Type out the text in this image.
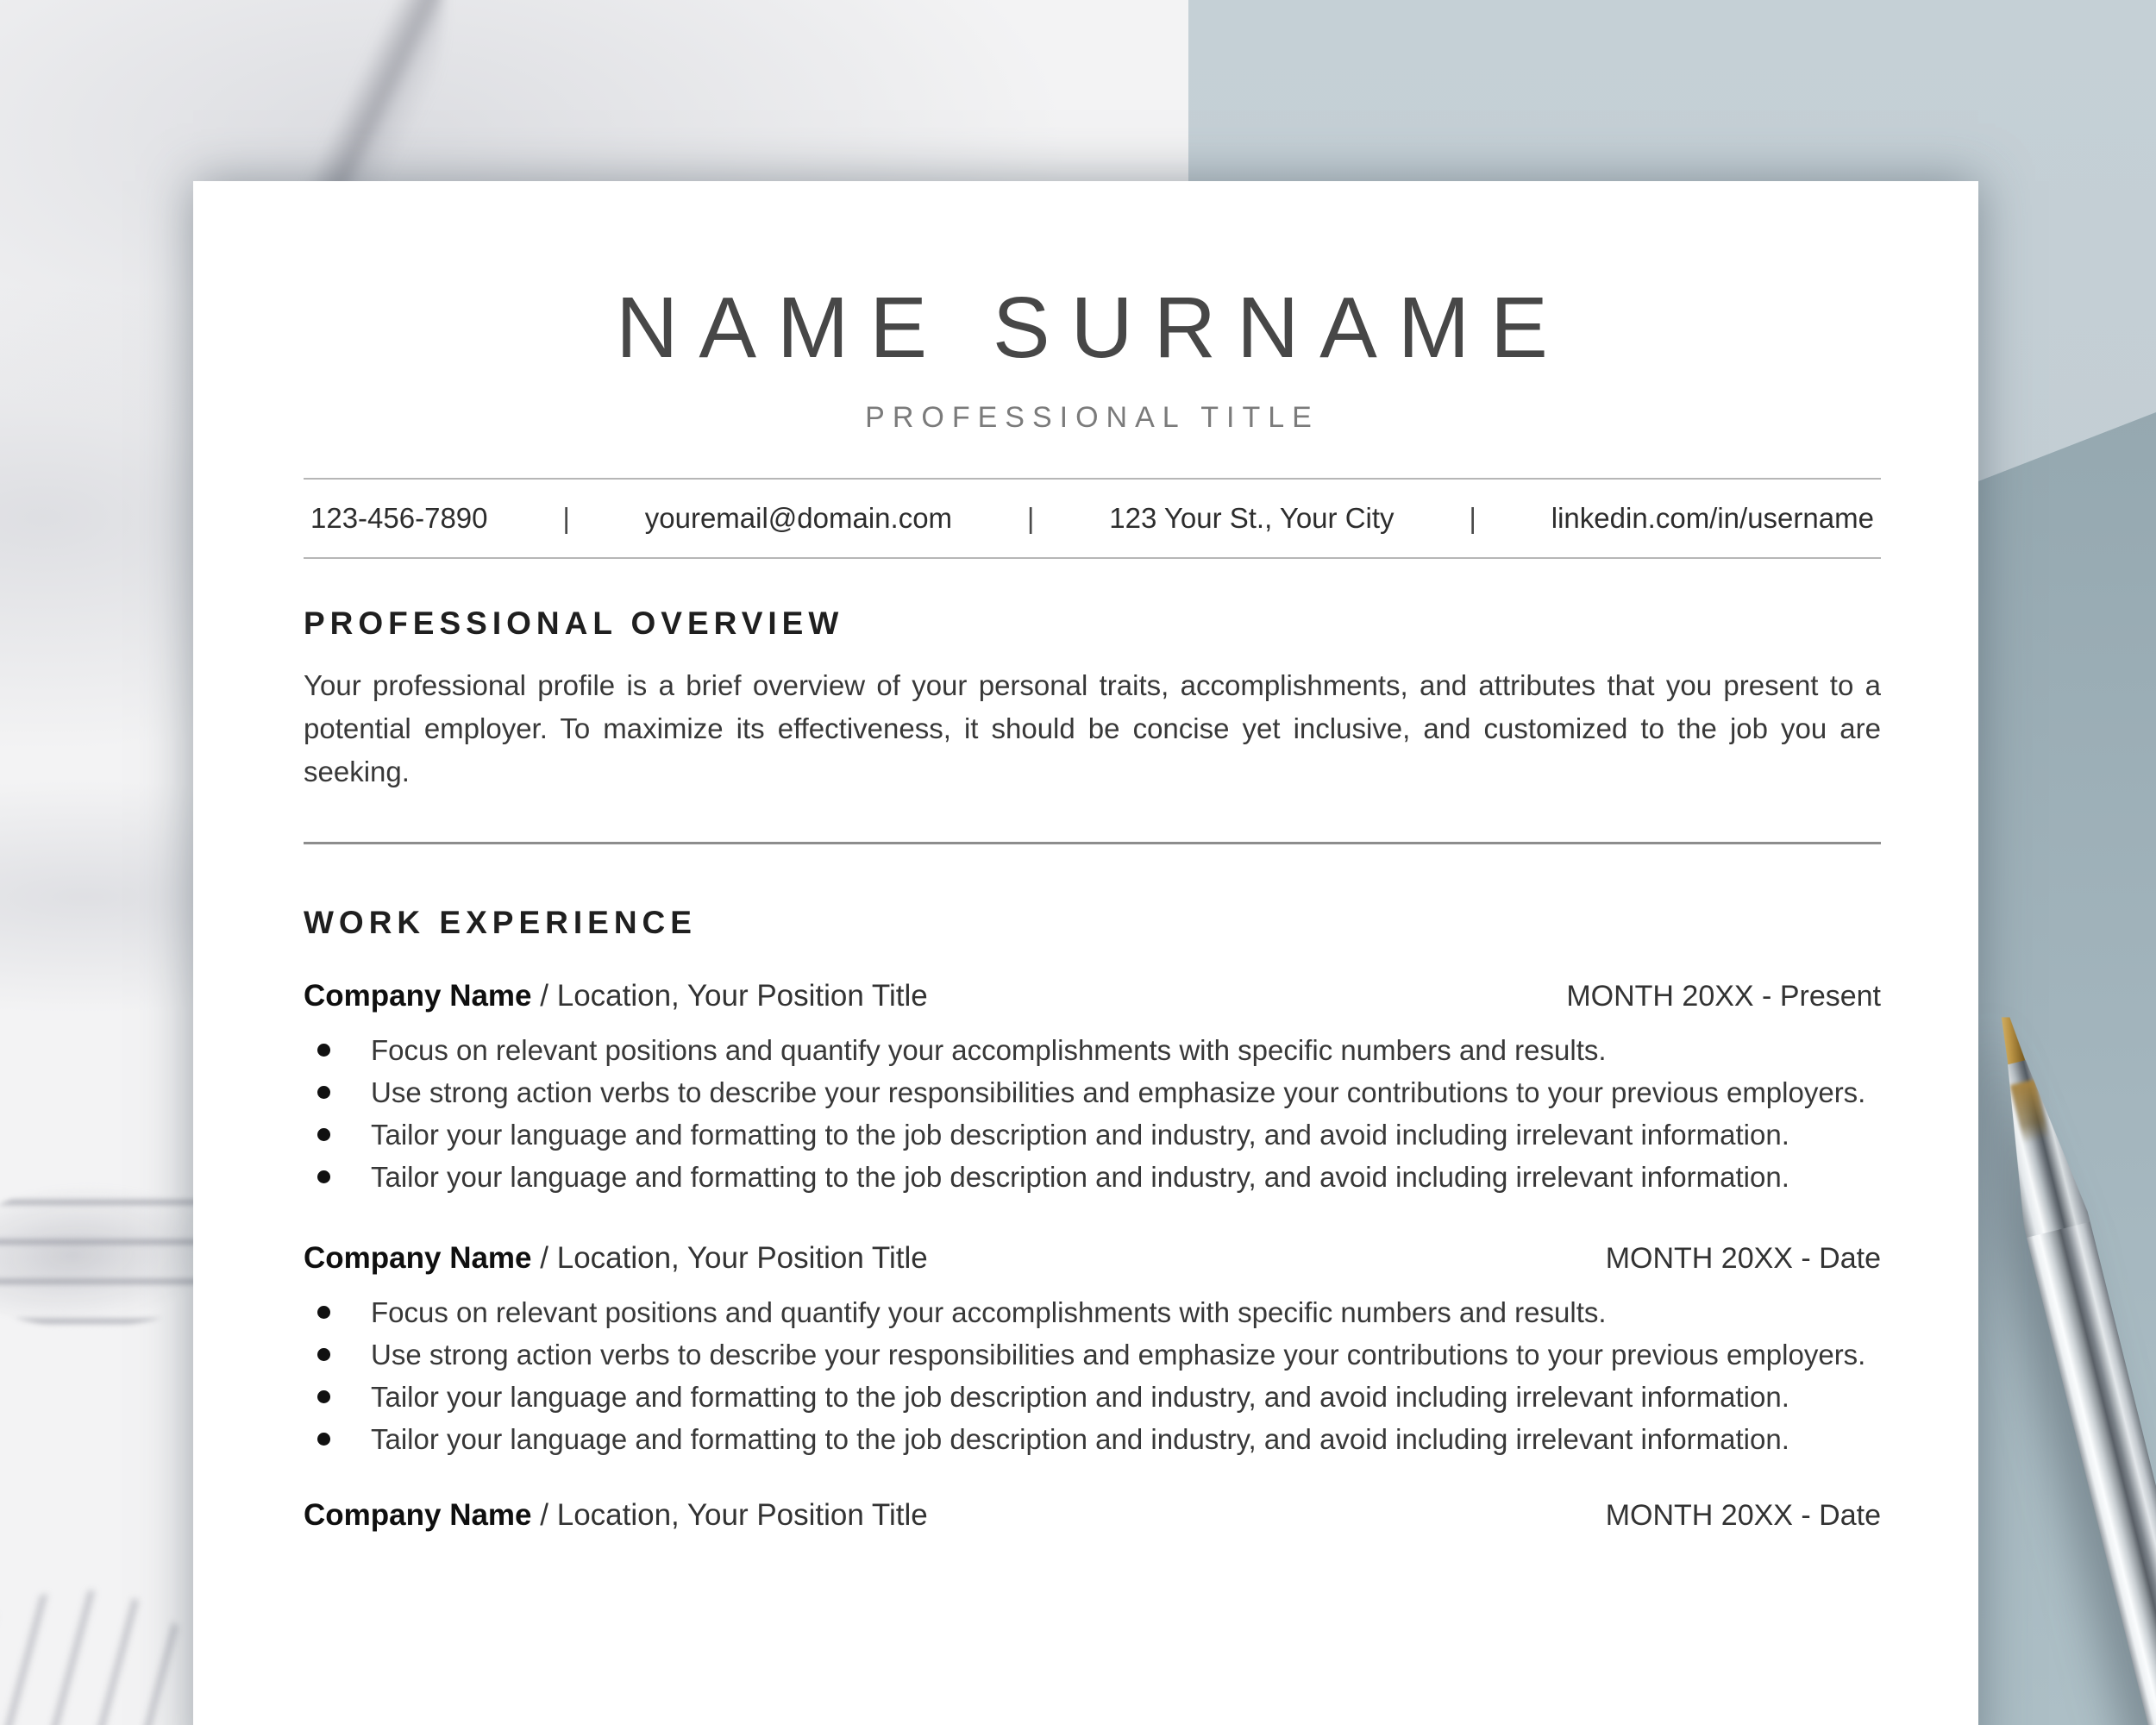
NAME SURNAME
PROFESSIONAL TITLE
123-456-7890	|	youremail@domain.com	|	123 Your St., Your City	|	linkedin.com/in/username
PROFESSIONAL OVERVIEW

Your professional profile is a brief overview of your personal traits, accomplishments, and attributes that you present to a potential employer. To maximize its effectiveness, it should be concise yet inclusive, and customized to the job you are seeking.

WORK EXPERIENCE
Company Name / Location, Your Position Title	MONTH 20XX - Present
Focus on relevant positions and quantify your accomplishments with specific numbers and results.
Use strong action verbs to describe your responsibilities and emphasize your contributions to your previous employers.
Tailor your language and formatting to the job description and industry, and avoid including irrelevant information.
Tailor your language and formatting to the job description and industry, and avoid including irrelevant information.
Company Name / Location, Your Position Title	MONTH 20XX - Date
Focus on relevant positions and quantify your accomplishments with specific numbers and results.
Use strong action verbs to describe your responsibilities and emphasize your contributions to your previous employers.
Tailor your language and formatting to the job description and industry, and avoid including irrelevant information.
Tailor your language and formatting to the job description and industry, and avoid including irrelevant information.
Company Name / Location, Your Position Title	MONTH 20XX - Date
